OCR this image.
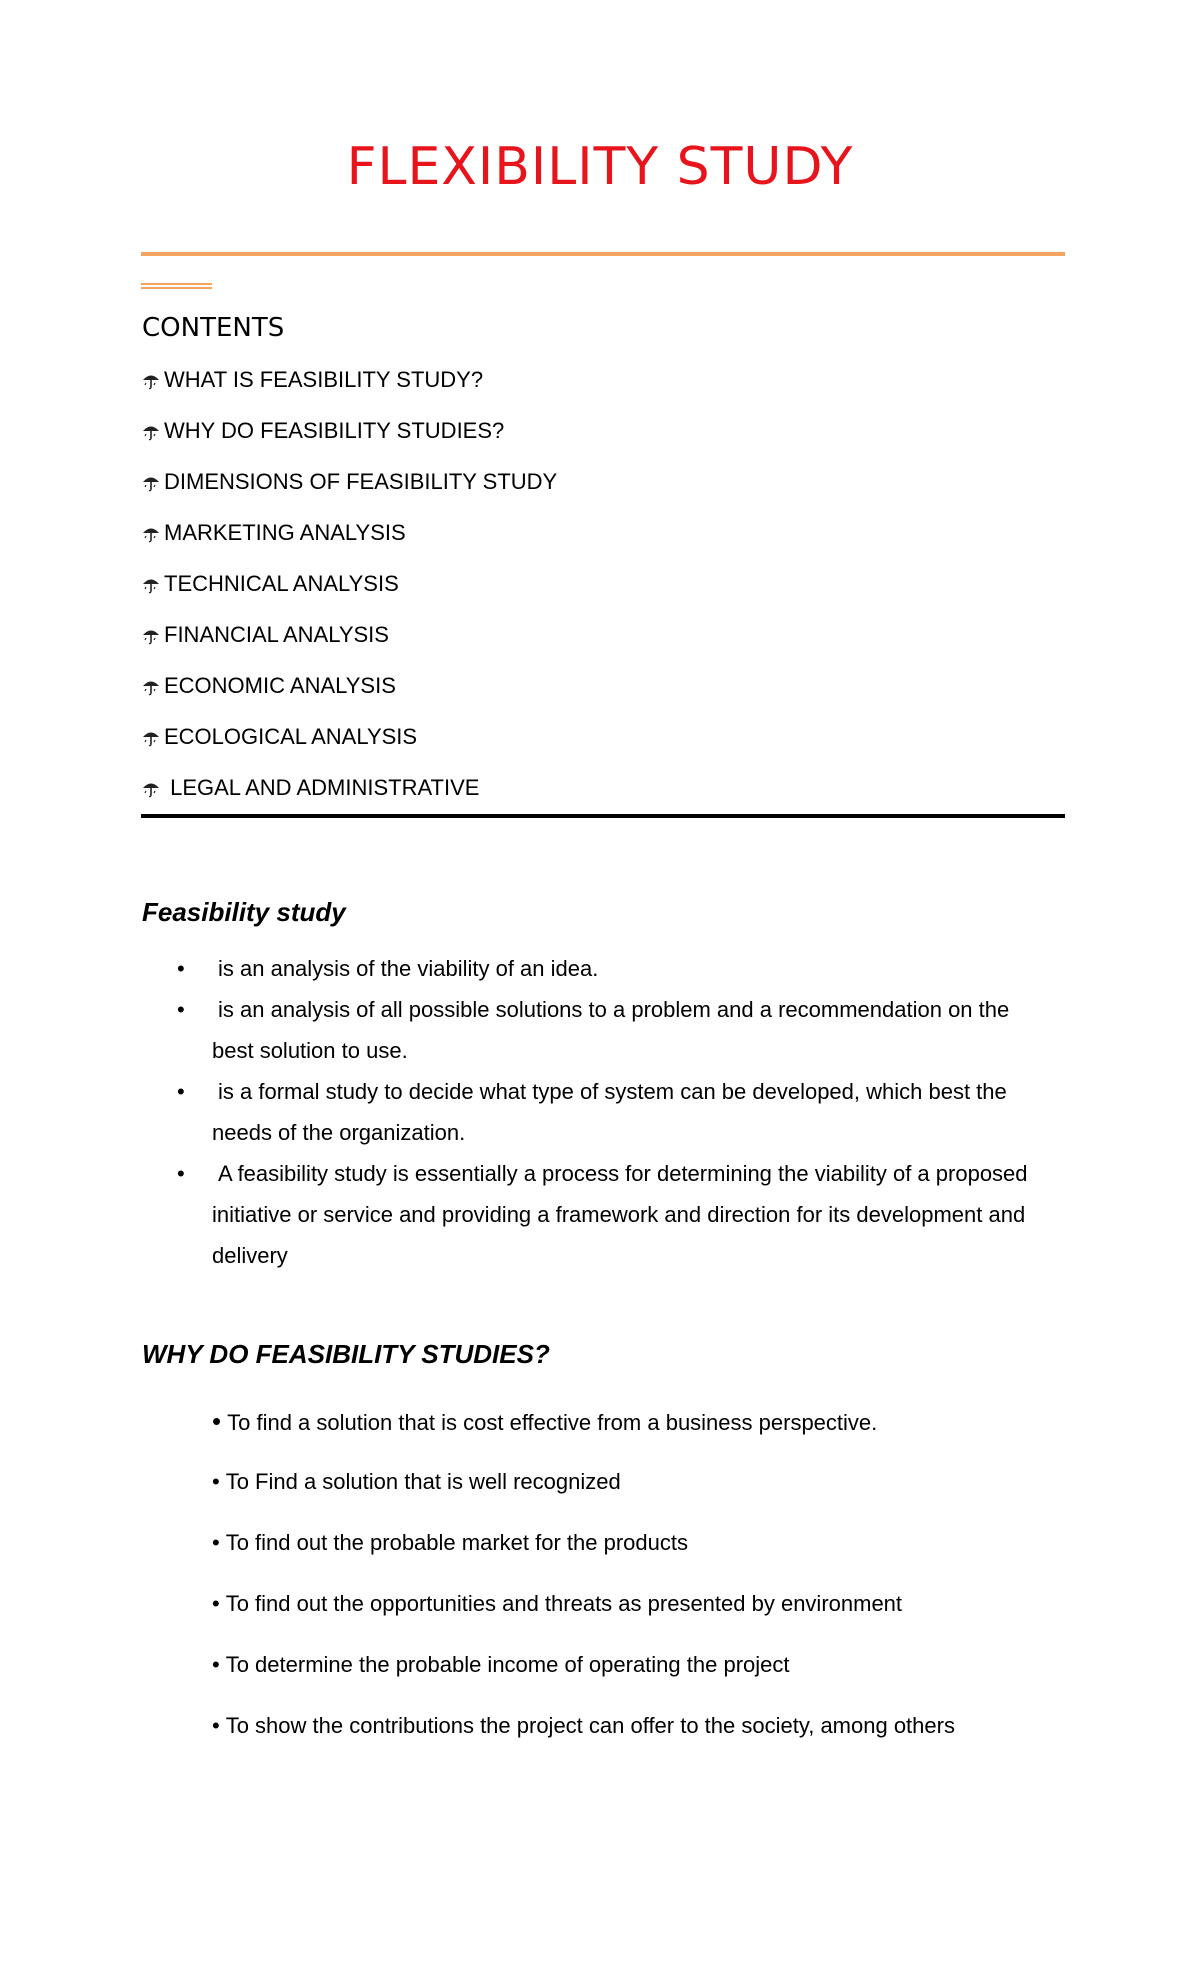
FLEXIBILITY STUDY
CONTENTS
WHAT IS FEASIBILITY STUDY?
WHY DO FEASIBILITY STUDIES?
DIMENSIONS OF FEASIBILITY STUDY
MARKETING ANALYSIS
TECHNICAL ANALYSIS
FINANCIAL ANALYSIS
ECONOMIC ANALYSIS
ECOLOGICAL ANALYSIS
LEGAL AND ADMINISTRATIVE
Feasibility study
• is an analysis of the viability of an idea.
• is an analysis of all possible solutions to a problem and a recommendation on the best solution to use.
• is a formal study to decide what type of system can be developed, which best the needs of the organization.
• A feasibility study is essentially a process for determining the viability of a proposed initiative or service and providing a framework and direction for its development and delivery
WHY DO FEASIBILITY STUDIES?
• To find a solution that is cost effective from a business perspective.
• To Find a solution that is well recognized
• To find out the probable market for the products
• To find out the opportunities and threats as presented by environment
• To determine the probable income of operating the project
• To show the contributions the project can offer to the society, among others
